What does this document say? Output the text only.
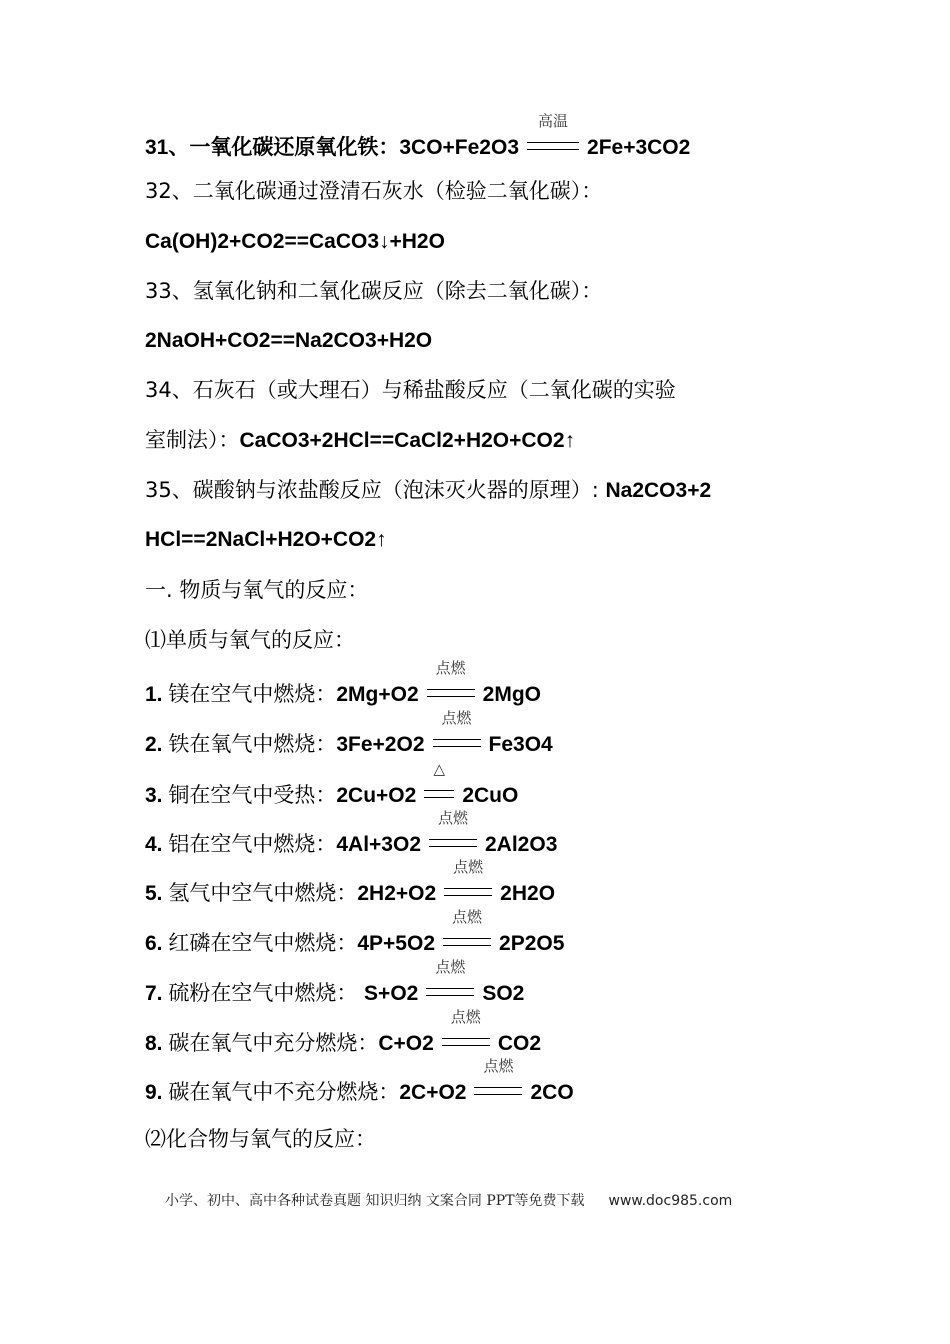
31、一氧化碳还原氧化铁：3CO+Fe2O3
高温
2Fe+3CO2
32、二氧化碳通过澄清石灰水（检验二氧化碳）：
Ca(OH)2+CO2==CaCO3↓+H2O
33、氢氧化钠和二氧化碳反应（除去二氧化碳）：
2NaOH+CO2==Na2CO3+H2O
34、石灰石（或大理石）与稀盐酸反应（二氧化碳的实验
室制法）：CaCO3+2HCl==CaCl2+H2O+CO2↑
35、碳酸钠与浓盐酸反应（泡沫灭火器的原理）: Na2CO3+2
HCl==2NaCl+H2O+CO2↑
一. 物质与氧气的反应：
⑴单质与氧气的反应：
1. 镁在空气中燃烧：2Mg+O2
点燃
2MgO
2. 铁在氧气中燃烧：3Fe+2O2
点燃
Fe3O4
3. 铜在空气中受热：2Cu+O2
△
2CuO
4. 铝在空气中燃烧：4Al+3O2
点燃
2Al2O3
5. 氢气中空气中燃烧：2H2+O2
点燃
2H2O
6. 红磷在空气中燃烧：4P+5O2
点燃
2P2O5
7. 硫粉在空气中燃烧： S+O2
点燃
SO2
8. 碳在氧气中充分燃烧：C+O2
点燃
CO2
9. 碳在氧气中不充分燃烧：2C+O2
点燃
2CO
⑵化合物与氧气的反应：
小学、初中、高中各种试卷真题 知识归纳 文案合同 PPT等免费下载 www.doc985.com
